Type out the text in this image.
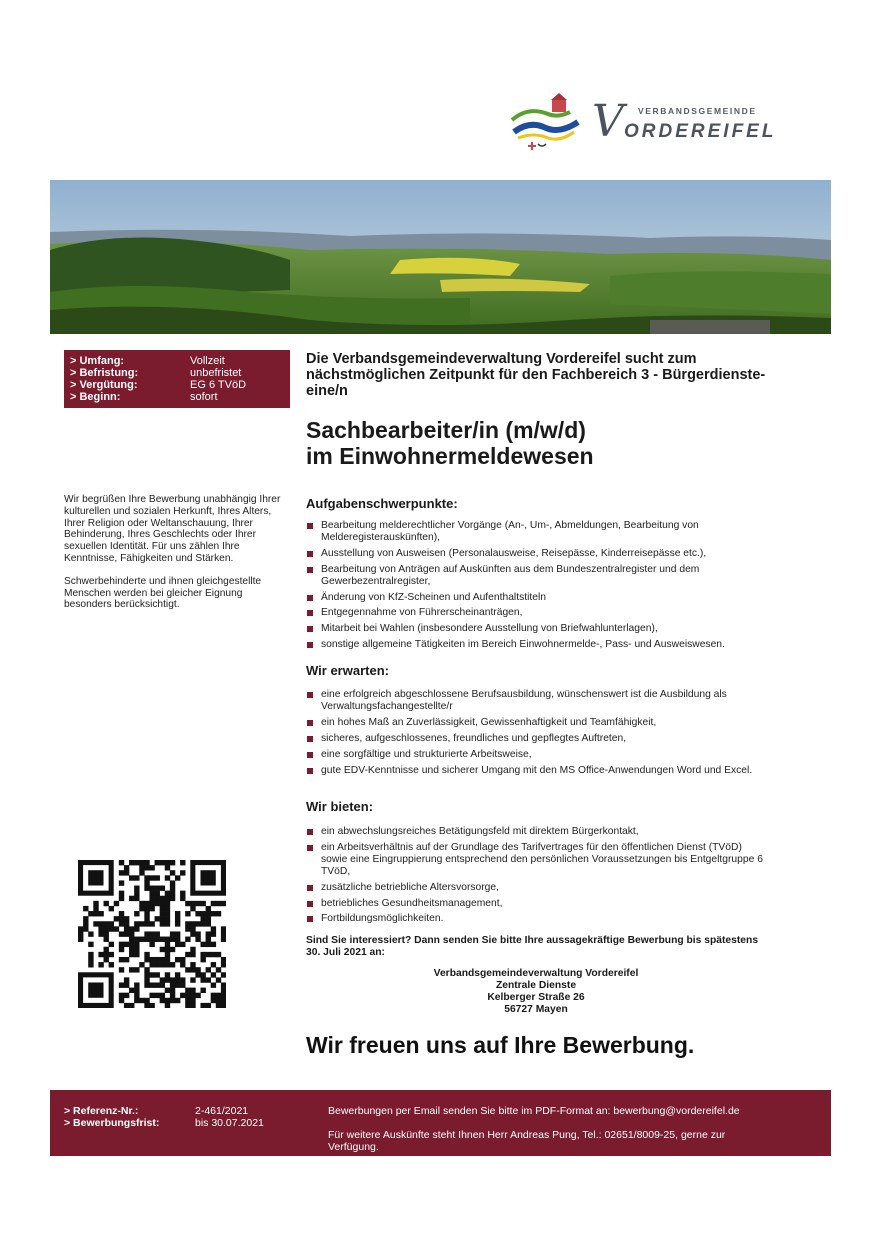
V VERBANDSGEMEINDE
ORDEREIFEL
> Umfang:	Vollzeit
> Befristung:	unbefristet
> Vergütung:	EG 6 TVöD
> Beginn:	sofort
Die Verbandsgemeindeverwaltung Vordereifel sucht zum nächstmöglichen Zeitpunkt für den Fachbereich 3 - Bürgerdienste- eine/n
Sachbearbeiter/in (m/w/d)
im Einwohnermeldewesen

Wir begrüßen Ihre Bewerbung unabhängig Ihrer kulturellen und sozialen Herkunft, Ihres Alters, Ihrer Religion oder Weltanschauung, Ihrer Behinderung, Ihres Geschlechts oder Ihrer sexuellen Identität. Für uns zählen Ihre Kenntnisse, Fähigkeiten und Stärken.

Schwerbehinderte und ihnen gleichgestellte Menschen werden bei gleicher Eignung besonders berücksichtigt.

Aufgabenschwerpunkte:
Bearbeitung melderechtlicher Vorgänge (An-, Um-, Abmeldungen, Bearbeitung von Melderegisterauskünften),
Ausstellung von Ausweisen (Personalausweise, Reisepässe, Kinderreisepässe etc.),
Bearbeitung von Anträgen auf Auskünften aus dem Bundeszentralregister und dem Gewerbezentralregister,
Änderung von KfZ-Scheinen und Aufenthaltstiteln
Entgegennahme von Führerscheinanträgen,
Mitarbeit bei Wahlen (insbesondere Ausstellung von Briefwahlunterlagen),
sonstige allgemeine Tätigkeiten im Bereich Einwohnermelde-, Pass- und Ausweiswesen.
Wir erwarten:
eine erfolgreich abgeschlossene Berufsausbildung, wünschenswert ist die Ausbildung als Verwaltungsfachangestellte/r
ein hohes Maß an Zuverlässigkeit, Gewissenhaftigkeit und Teamfähigkeit,
sicheres, aufgeschlossenes, freundliches und gepflegtes Auftreten,
eine sorgfältige und strukturierte Arbeitsweise,
gute EDV-Kenntnisse und sicherer Umgang mit den MS Office-Anwendungen Word und Excel.
Wir bieten:
ein abwechslungsreiches Betätigungsfeld mit direktem Bürgerkontakt,
ein Arbeitsverhältnis auf der Grundlage des Tarifvertrages für den öffentlichen Dienst (TVöD) sowie eine Eingruppierung entsprechend den persönlichen Voraussetzungen bis Entgeltgruppe 6 TVöD,
zusätzliche betriebliche Altersvorsorge,
betriebliches Gesundheitsmanagement,
Fortbildungsmöglichkeiten.
Sind Sie interessiert? Dann senden Sie bitte Ihre aussagekräftige Bewerbung bis spätestens 30. Juli 2021 an:
Verbandsgemeindeverwaltung Vordereifel
Zentrale Dienste
Kelberger Straße 26
56727 Mayen
Wir freuen uns auf Ihre Bewerbung.
> Referenz-Nr.:	2-461/2021
> Bewerbungsfrist:	bis 30.07.2021
Bewerbungen per Email senden Sie bitte im PDF-Format an: bewerbung@vordereifel.de
Für weitere Auskünfte steht Ihnen Herr Andreas Pung, Tel.: 02651/8009-25, gerne zur Verfügung.
